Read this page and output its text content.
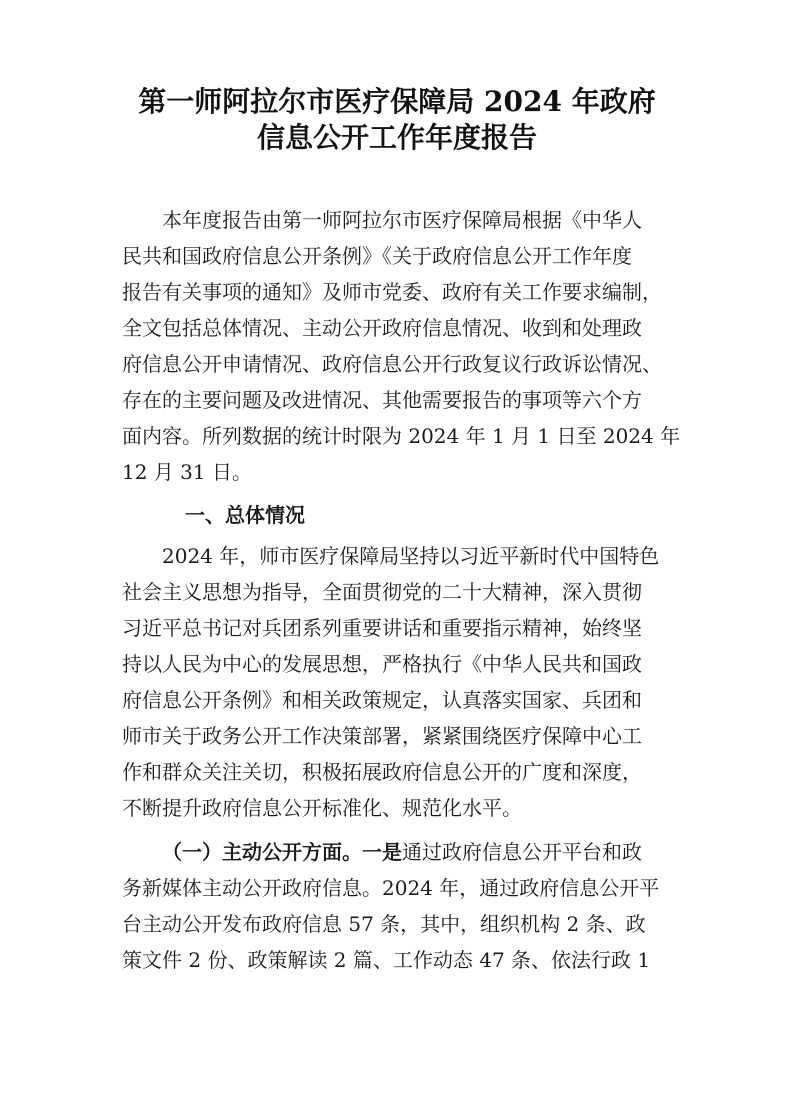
第一师阿拉尔市医疗保障局 2024 年政府
信息公开工作年度报告
本年度报告由第一师阿拉尔市医疗保障局根据《中华人
民共和国政府信息公开条例》《关于政府信息公开工作年度
报告有关事项的通知》及师市党委、政府有关工作要求编制，
全文包括总体情况、主动公开政府信息情况、收到和处理政
府信息公开申请情况、政府信息公开行政复议行政诉讼情况、
存在的主要问题及改进情况、其他需要报告的事项等六个方
面内容。所列数据的统计时限为 2024 年 1 月 1 日至 2024 年
12 月 31 日。
一、总体情况
2024 年，师市医疗保障局坚持以习近平新时代中国特色
社会主义思想为指导，全面贯彻党的二十大精神，深入贯彻
习近平总书记对兵团系列重要讲话和重要指示精神，始终坚
持以人民为中心的发展思想，严格执行《中华人民共和国政
府信息公开条例》和相关政策规定，认真落实国家、兵团和
师市关于政务公开工作决策部署，紧紧围绕医疗保障中心工
作和群众关注关切，积极拓展政府信息公开的广度和深度，
不断提升政府信息公开标准化、规范化水平。
（一）主动公开方面。一是通过政府信息公开平台和政
务新媒体主动公开政府信息。2024 年，通过政府信息公开平
台主动公开发布政府信息 57 条，其中，组织机构 2 条、政
策文件 2 份、政策解读 2 篇、工作动态 47 条、依法行政 1
